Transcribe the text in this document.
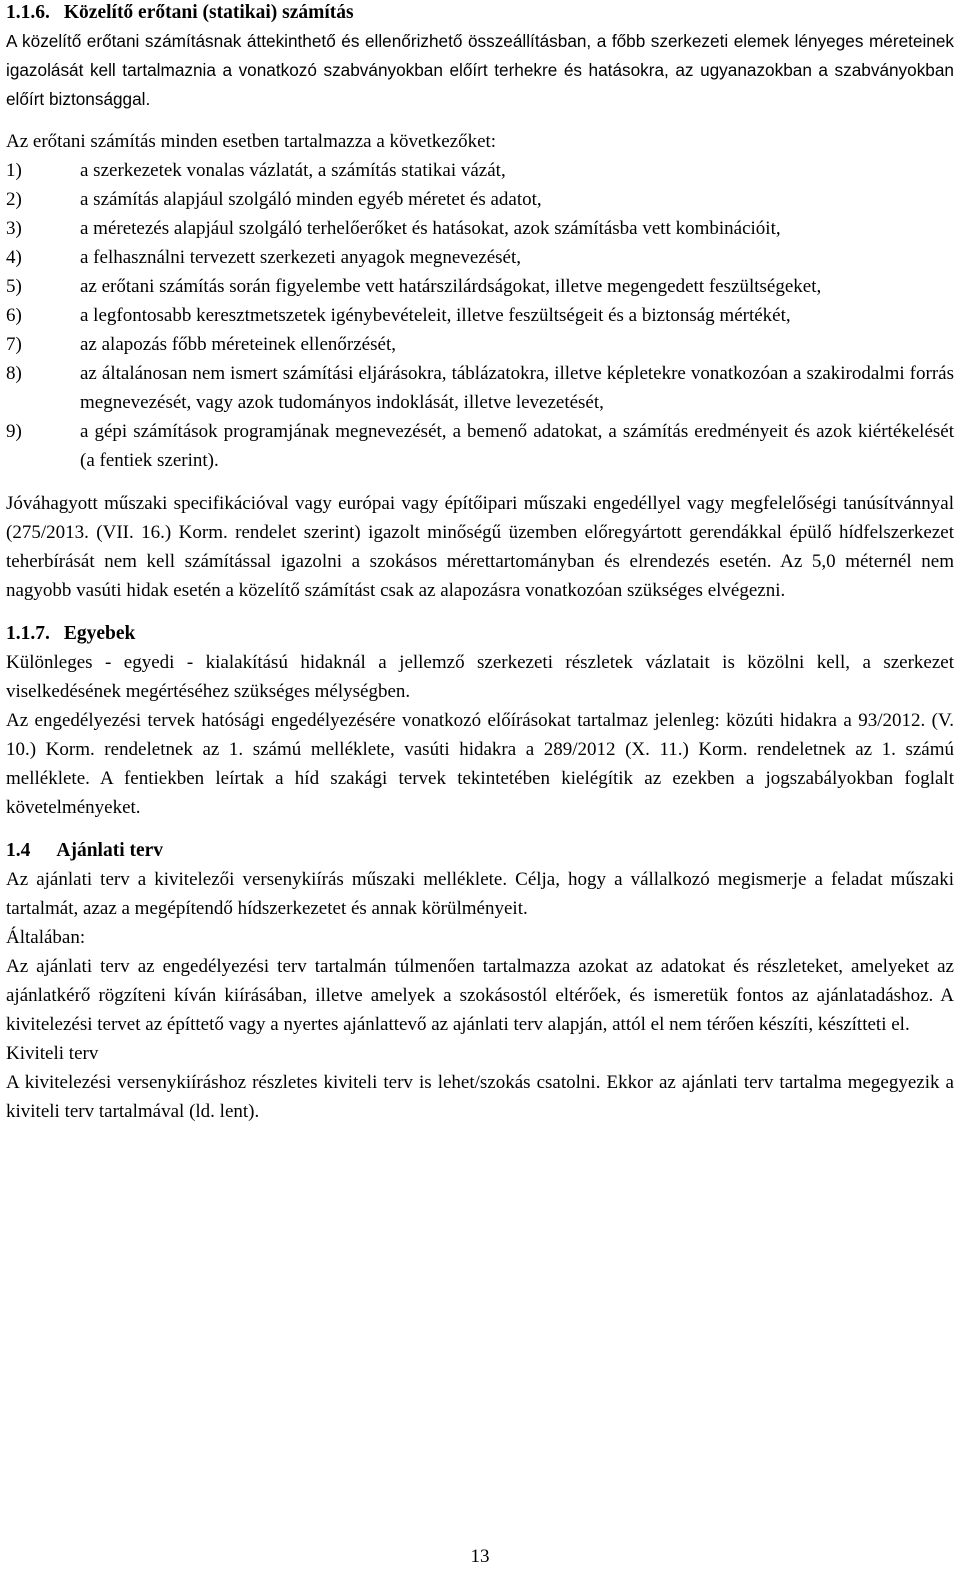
1.1.6. Közelítő erőtani (statikai) számítás

A közelítő erőtani számításnak áttekinthető és ellenőrizhető összeállításban, a főbb szerkezeti elemek lényeges méreteinek igazolását kell tartalmaznia a vonatkozó szabványokban előírt terhekre és hatásokra, az ugyanazokban a szabványokban előírt biztonsággal.

Az erőtani számítás minden esetben tartalmazza a következőket:

1)	a szerkezetek vonalas vázlatát, a számítás statikai vázát,
2)	a számítás alapjául szolgáló minden egyéb méretet és adatot,
3)	a méretezés alapjául szolgáló terhelőerőket és hatásokat, azok számításba vett kombinációit,
4)	a felhasználni tervezett szerkezeti anyagok megnevezését,
5)	az erőtani számítás során figyelembe vett határszilárdságokat, illetve megengedett feszültségeket,
6)	a legfontosabb keresztmetszetek igénybevételeit, illetve feszültségeit és a biztonság mértékét,
7)	az alapozás főbb méreteinek ellenőrzését,
8)	az általánosan nem ismert számítási eljárásokra, táblázatokra, illetve képletekre vonatkozóan a szakirodalmi forrás megnevezését, vagy azok tudományos indoklását, illetve levezetését,
9)	a gépi számítások programjának megnevezését, a bemenő adatokat, a számítás eredményeit és azok kiértékelését (a fentiek szerint).

Jóváhagyott műszaki specifikációval vagy európai vagy építőipari műszaki engedéllyel vagy megfelelőségi tanúsítvánnyal (275/2013. (VII. 16.) Korm. rendelet szerint) igazolt minőségű üzemben előregyártott gerendákkal épülő hídfelszerkezet teherbírását nem kell számítással igazolni a szokásos mérettartományban és elrendezés esetén. Az 5,0 méternél nem nagyobb vasúti hidak esetén a közelítő számítást csak az alapozásra vonatkozóan szükséges elvégezni.

1.1.7. Egyebek

Különleges - egyedi - kialakítású hidaknál a jellemző szerkezeti részletek vázlatait is közölni kell, a szerkezet viselkedésének megértéséhez szükséges mélységben.

Az engedélyezési tervek hatósági engedélyezésére vonatkozó előírásokat tartalmaz jelenleg: közúti hidakra a 93/2012. (V. 10.) Korm. rendeletnek az 1. számú melléklete, vasúti hidakra a 289/2012 (X. 11.) Korm. rendeletnek az 1. számú melléklete. A fentiekben leírtak a híd szakági tervek tekintetében kielégítik az ezekben a jogszabályokban foglalt követelményeket.

1.4 Ajánlati terv

Az ajánlati terv a kivitelezői versenykiírás műszaki melléklete. Célja, hogy a vállalkozó megismerje a feladat műszaki tartalmát, azaz a megépítendő hídszerkezetet és annak körülményeit.

Általában:

Az ajánlati terv az engedélyezési terv tartalmán túlmenően tartalmazza azokat az adatokat és részleteket, amelyeket az ajánlatkérő rögzíteni kíván kiírásában, illetve amelyek a szokásostól eltérőek, és ismeretük fontos az ajánlatadáshoz. A kivitelezési tervet az építtető vagy a nyertes ajánlattevő az ajánlati terv alapján, attól el nem térően készíti, készítteti el.

Kiviteli terv

A kivitelezési versenykiíráshoz részletes kiviteli terv is lehet/szokás csatolni. Ekkor az ajánlati terv tartalma megegyezik a kiviteli terv tartalmával (ld. lent).

13
